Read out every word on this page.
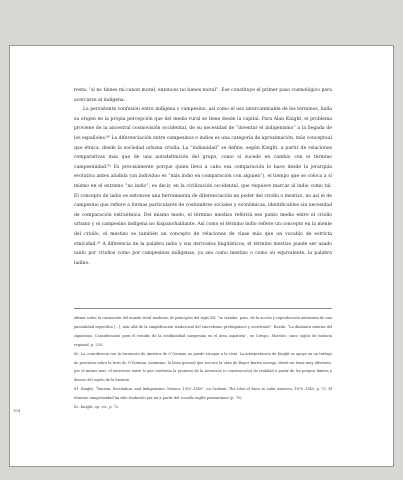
resta: “si no tienes mi canon moral, entonces no tienes moral”. Ese constituye el primer paso cosmológico para acercarse al indígena.

La persistente confusión entre indígena y campesino, así como el uso intercambiable de los términos, halla su origen en la propia percepción que del medio rural se tiene desde la capital. Para Alan Knight, el problema proviene de la ancestral cosmovisión occidental, de su necesidad de “inventar el indigenismo” a la llegada de los españoles.⁸⁰ La diferenciación entre campesinos e indios es una categoría de aproximación, más conceptual que étnica, desde la sociedad urbana criolla. La “indianidad” se define, según Knight, a partir de relaciones comparativas más que de una autodefinición del grupo, como sí sucede en cambio con el término campesinidad.⁸¹ Es precisamente porque quien lleva a cabo esa comparación lo hace desde la jerarquía evolutiva antes aludida (un individuo es “más indio en comparación con alguien”), el tiempo que se coloca a sí mismo en el extremo “no indio”; es decir, en la civilización occidental, que requiere marcar al indio como tal. El concepto de indio es entonces una herramienta de diferenciación en poder del criollo o mestizo, no así el de campesino que refiere a formas particulares de costumbres sociales y económicas, identificables sin necesidad de comparación extraétnica. Del mismo modo, el término mestizo referirá ese punto medio entre el criollo urbano y el campesino indígena no hispanohablante. Así como el término indio refiere un concepto en la mente del criollo, el mestizo es también un concepto de relaciones de clase más que un vocablo de estricta etnicidad.⁸² A diferencia de la palabra indio y sus derivados lingüísticos, el término mestizo puede ser usado tanto por criollos como por campesinos indígenas, ya sea como mestizo o como su equivalente, la palabra ladino.

afirma sobre la conmoción del mundo rural moderno de principios del siglo XX: “se trataba, pues, de la acción y reproducción autónoma de una parcialidad específica [...], más allá de la simplificación tradicional del sincretismo prehispánico y occidental”. Rueda, “La dinámica interna del zapatismo. Consideración para el estudio de la cotidianidad campesina en el área zapatista”, en Crespo, Morelos: cinco siglos de historia regional, p. 235.

80. La coincidencia con la Invención de América de O’Gorman no puede escapar a la vista. La interpretación de Knight se apoya en un trabajo de precisión sobre la tesis de O’Gorman. Asimismo, la línea general que recorre la obra de Roger Bartra navega, desde un tema muy diferente, por el mismo mar: el entrevero entre lo que conforma la promesa de la invención (o construcción) de realidad a partir de los propios límites y deseos del sujeto de la historia.

81. Knight, “Racism, Revolution, and Indigenismo: Mexico, 1910–1940”, en Graham, The Idea of Race in Latin America, 1870–1940, p. 75. El término campesinidad ha sido traducido por mí a partir del vocablo inglés peasantness (p. 75).

82. Knight, op. cit., p. 72.

104
